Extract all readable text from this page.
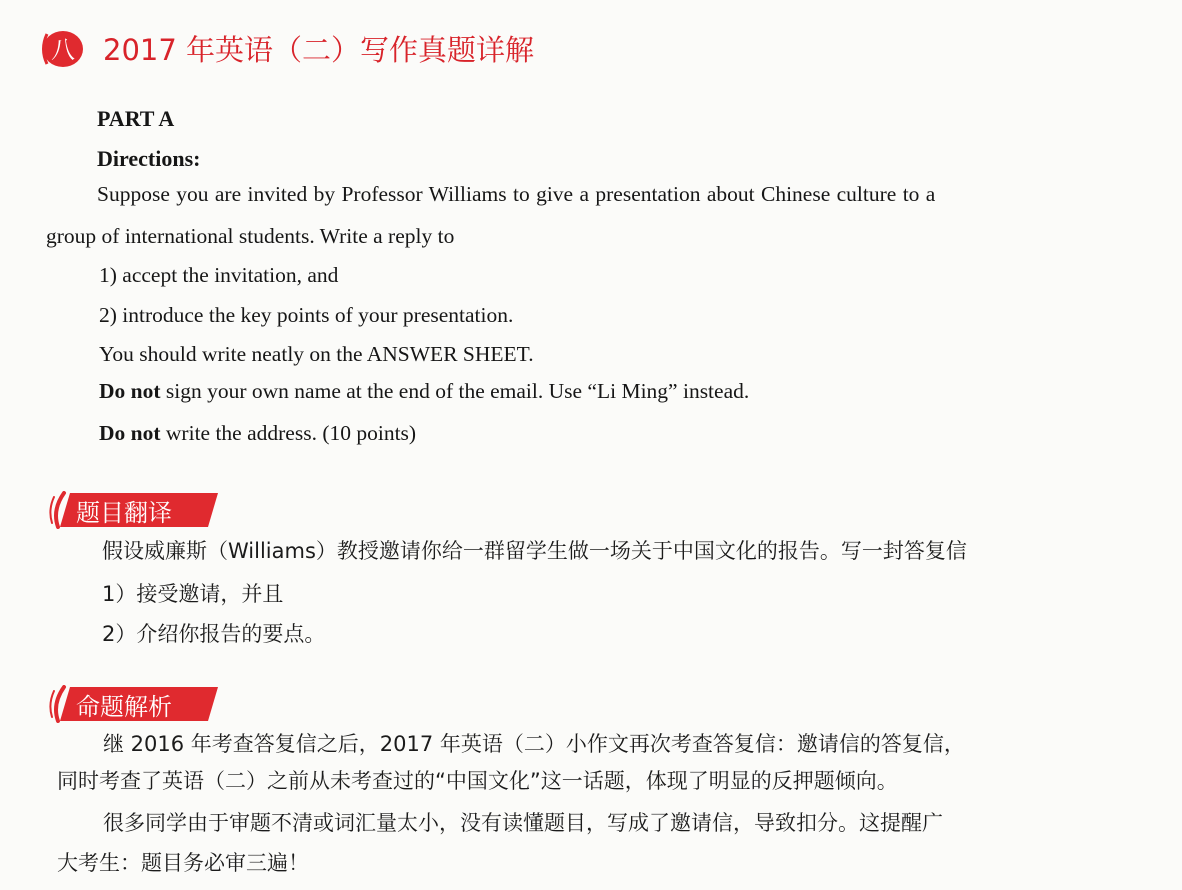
八 2017 年英语（二）写作真题详解
PART A
Directions:
Suppose you are invited by Professor Williams to give a presentation about Chinese culture to a
group of international students. Write a reply to
1) accept the invitation, and
2) introduce the key points of your presentation.
You should write neatly on the ANSWER SHEET.
Do not sign your own name at the end of the email. Use “Li Ming” instead.
Do not write the address. (10 points)
题目翻译
假设威廉斯（Williams）教授邀请你给一群留学生做一场关于中国文化的报告。写一封答复信
1）接受邀请，并且
2）介绍你报告的要点。
命题解析
继 2016 年考查答复信之后，2017 年英语（二）小作文再次考查答复信：邀请信的答复信，
同时考查了英语（二）之前从未考查过的“中国文化”这一话题，体现了明显的反押题倾向。
很多同学由于审题不清或词汇量太小，没有读懂题目，写成了邀请信，导致扣分。这提醒广
大考生：题目务必审三遍！
